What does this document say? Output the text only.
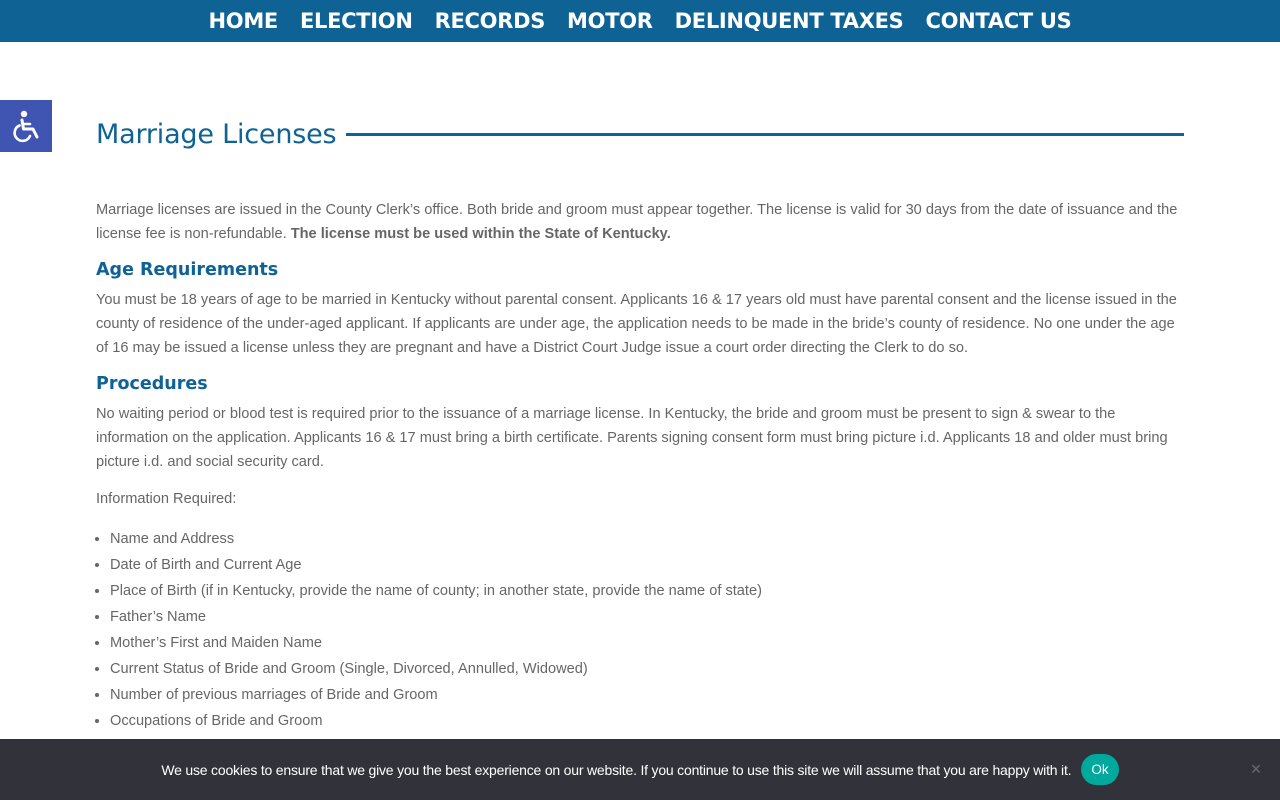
HOME ELECTION RECORDS MOTOR DELINQUENT TAXES CONTACT US
Marriage Licenses

Marriage licenses are issued in the County Clerk’s office. Both bride and groom must appear together. The license is valid for 30 days from the date of issuance and the license fee is non-refundable. The license must be used within the State of Kentucky.

Age Requirements

You must be 18 years of age to be married in Kentucky without parental consent. Applicants 16 & 17 years old must have parental consent and the license issued in the county of residence of the under-aged applicant. If applicants are under age, the application needs to be made in the bride’s county of residence. No one under the age of 16 may be issued a license unless they are pregnant and have a District Court Judge issue a court order directing the Clerk to do so.

Procedures

No waiting period or blood test is required prior to the issuance of a marriage license. In Kentucky, the bride and groom must be present to sign & swear to the information on the application. Applicants 16 & 17 must bring a birth certificate. Parents signing consent form must bring picture i.d. Applicants 18 and older must bring picture i.d. and social security card.

Information Required:

• Name and Address
• Date of Birth and Current Age
• Place of Birth (if in Kentucky, provide the name of county; in another state, provide the name of state)
• Father’s Name
• Mother’s First and Maiden Name
• Current Status of Bride and Groom (Single, Divorced, Annulled, Widowed)
• Number of previous marriages of Bride and Groom
• Occupations of Bride and Groom
We use cookies to ensure that we give you the best experience on our website. If you continue to use this site we will assume that you are happy with it.	Ok	×
